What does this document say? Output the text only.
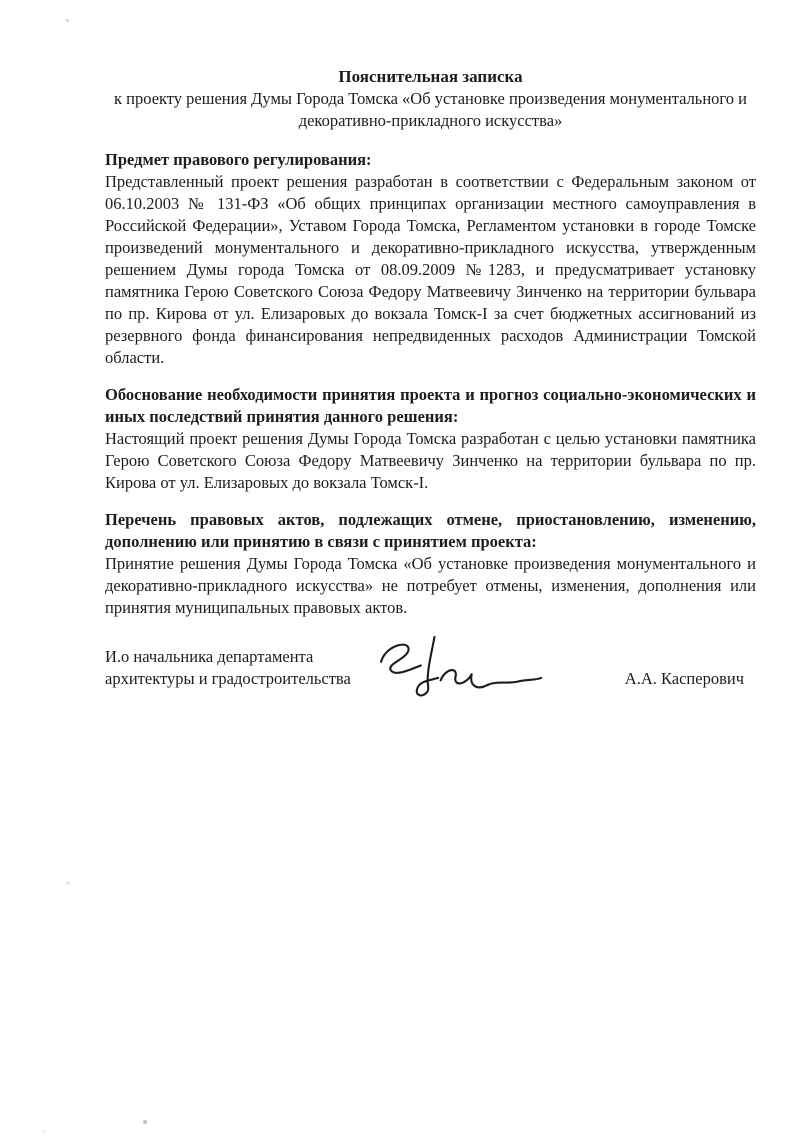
Пояснительная записка

к проекту решения Думы Города Томска «Об установке произведения монументального и декоративно-прикладного искусства»

Предмет правового регулирования:

Представленный проект решения разработан в соответствии с Федеральным законом от 06.10.2003 № 131-ФЗ «Об общих принципах организации местного самоуправления в Российской Федерации», Уставом Города Томска, Регламентом установки в городе Томске произведений монументального и декоративно-прикладного искусства, утвержденным решением Думы города Томска от 08.09.2009 №1283, и предусматривает установку памятника Герою Советского Союза Федору Матвеевичу Зинченко на территории бульвара по пр. Кирова от ул. Елизаровых до вокзала Томск-I за счет бюджетных ассигнований из резервного фонда финансирования непредвиденных расходов Администрации Томской области.

Обоснование необходимости принятия проекта и прогноз социально-экономических и иных последствий принятия данного решения:

Настоящий проект решения Думы Города Томска разработан с целью установки памятника Герою Советского Союза Федору Матвеевичу Зинченко на территории бульвара по пр. Кирова от ул. Елизаровых до вокзала Томск-I.

Перечень правовых актов, подлежащих отмене, приостановлению, изменению, дополнению или принятию в связи с принятием проекта:

Принятие решения Думы Города Томска «Об установке произведения монументального и декоративно-прикладного искусства» не потребует отмены, изменения, дополнения или принятия муниципальных правовых актов.

И.о начальника департамента
архитектуры и градостроительства	А.А. Касперович
